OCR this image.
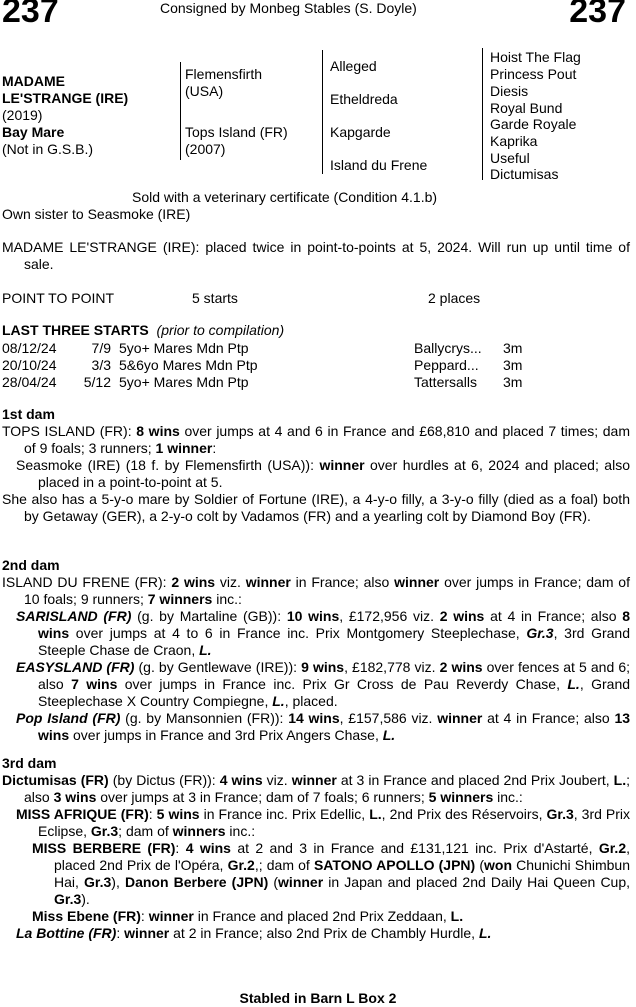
237	237
Consigned by Monbeg Stables (S. Doyle)
MADAME
LE'STRANGE (IRE)
(2019)
Bay Mare
(Not in G.S.B.)
Flemensfirth
(USA)
Tops Island (FR)
(2007)
Alleged
Etheldreda
Kapgarde
Island du Frene
Hoist The Flag
Princess Pout
Diesis
Royal Bund
Garde Royale
Kaprika
Useful
Dictumisas
Sold with a veterinary certificate (Condition 4.1.b)
Own sister to Seasmoke (IRE)

MADAME LE'STRANGE (IRE): placed twice in point-to-points at 5, 2024. Will run up until time of sale.

POINT TO POINT	5 starts	2 places
LAST THREE STARTS (prior to compilation)
08/12/24	7/9 5yo+ Mares Mdn Ptp	Ballycrys... 3m
20/10/24	3/3 5&6yo Mares Mdn Ptp	Peppard... 3m
28/04/24	5/12 5yo+ Mares Mdn Ptp	Tattersalls 3m
1st dam

TOPS ISLAND (FR): 8 wins over jumps at 4 and 6 in France and £68,810 and placed 7 times; dam of 9 foals; 3 runners; 1 winner:

Seasmoke (IRE) (18 f. by Flemensfirth (USA)): winner over hurdles at 6, 2024 and placed; also placed in a point-to-point at 5.

She also has a 5-y-o mare by Soldier of Fortune (IRE), a 4-y-o filly, a 3-y-o filly (died as a foal) both by Getaway (GER), a 2-y-o colt by Vadamos (FR) and a yearling colt by Diamond Boy (FR).

2nd dam

ISLAND DU FRENE (FR): 2 wins viz. winner in France; also winner over jumps in France; dam of 10 foals; 9 runners; 7 winners inc.:

SARISLAND (FR) (g. by Martaline (GB)): 10 wins, £172,956 viz. 2 wins at 4 in France; also 8 wins over jumps at 4 to 6 in France inc. Prix Montgomery Steeplechase, Gr.3, 3rd Grand Steeple Chase de Craon, L.

EASYSLAND (FR) (g. by Gentlewave (IRE)): 9 wins, £182,778 viz. 2 wins over fences at 5 and 6; also 7 wins over jumps in France inc. Prix Gr Cross de Pau Reverdy Chase, L., Grand Steeplechase X Country Compiegne, L., placed.

Pop Island (FR) (g. by Mansonnien (FR)): 14 wins, £157,586 viz. winner at 4 in France; also 13 wins over jumps in France and 3rd Prix Angers Chase, L.

3rd dam

Dictumisas (FR) (by Dictus (FR)): 4 wins viz. winner at 3 in France and placed 2nd Prix Joubert, L.; also 3 wins over jumps at 3 in France; dam of 7 foals; 6 runners; 5 winners inc.:

MISS AFRIQUE (FR): 5 wins in France inc. Prix Edellic, L., 2nd Prix des Réservoirs, Gr.3, 3rd Prix Eclipse, Gr.3; dam of winners inc.:

MISS BERBERE (FR): 4 wins at 2 and 3 in France and £131,121 inc. Prix d'Astarté, Gr.2, placed 2nd Prix de l'Opéra, Gr.2,; dam of SATONO APOLLO (JPN) (won Chunichi Shimbun Hai, Gr.3), Danon Berbere (JPN) (winner in Japan and placed 2nd Daily Hai Queen Cup, Gr.3).

Miss Ebene (FR): winner in France and placed 2nd Prix Zeddaan, L.

La Bottine (FR): winner at 2 in France; also 2nd Prix de Chambly Hurdle, L.

Stabled in Barn L Box 2
